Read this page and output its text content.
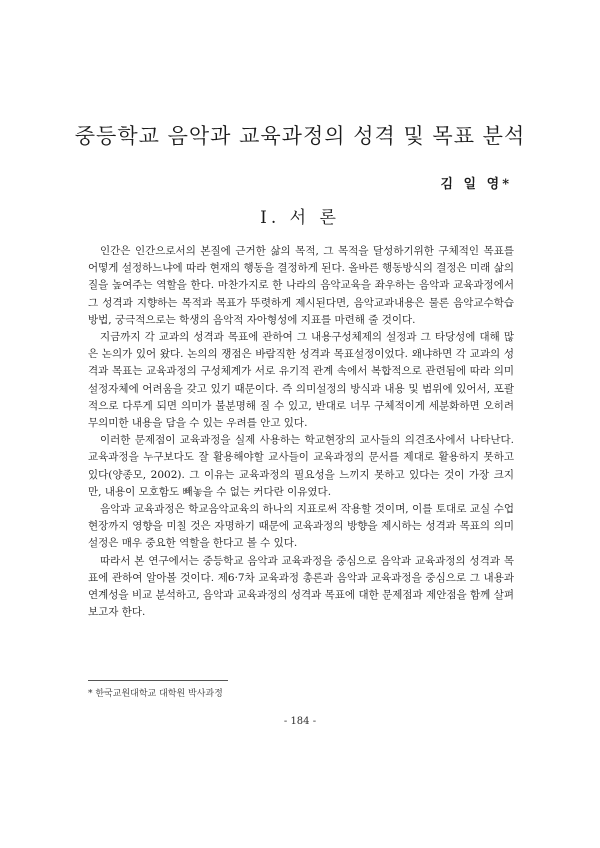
중등학교 음악과 교육과정의 성격 및 목표 분석
김 일 영*
Ⅰ. 서 론

인간은 인간으로서의 본질에 근거한 삶의 목적, 그 목적을 달성하기위한 구체적인 목표를 어떻게 설정하느냐에 따라 현재의 행동을 결정하게 된다. 올바른 행동방식의 결정은 미래 삶의 질을 높여주는 역할을 한다. 마찬가지로 한 나라의 음악교육을 좌우하는 음악과 교육과정에서 그 성격과 지향하는 목적과 목표가 뚜렷하게 제시된다면, 음악교과내용은 물론 음악교수학습방법, 궁극적으로는 학생의 음악적 자아형성에 지표를 마련해 줄 것이다.

지금까지 각 교과의 성격과 목표에 관하여 그 내용구성체제의 설정과 그 타당성에 대해 많은 논의가 있어 왔다. 논의의 쟁점은 바람직한 성격과 목표설정이었다. 왜냐하면 각 교과의 성격과 목표는 교육과정의 구성체계가 서로 유기적 관계 속에서 복합적으로 관련됨에 따라 의미설정자체에 어려움을 갖고 있기 때문이다. 즉 의미설정의 방식과 내용 및 범위에 있어서, 포괄적으로 다루게 되면 의미가 불분명해 질 수 있고, 반대로 너무 구체적이게 세분화하면 오히려 무의미한 내용을 담을 수 있는 우려를 안고 있다.

이러한 문제점이 교육과정을 실제 사용하는 학교현장의 교사들의 의견조사에서 나타난다. 교육과정을 누구보다도 잘 활용해야할 교사들이 교육과정의 문서를 제대로 활용하지 못하고 있다(양종모, 2002). 그 이유는 교육과정의 필요성을 느끼지 못하고 있다는 것이 가장 크지만, 내용이 모호함도 빼놓을 수 없는 커다란 이유였다.

음악과 교육과정은 학교음악교육의 하나의 지표로써 작용할 것이며, 이를 토대로 교실 수업현장까지 영향을 미칠 것은 자명하기 때문에 교육과정의 방향을 제시하는 성격과 목표의 의미설정은 매우 중요한 역할을 한다고 볼 수 있다.

따라서 본 연구에서는 중등학교 음악과 교육과정을 중심으로 음악과 교육과정의 성격과 목표에 관하여 알아볼 것이다. 제6·7차 교육과정 총론과 음악과 교육과정을 중심으로 그 내용과 연계성을 비교 분석하고, 음악과 교육과정의 성격과 목표에 대한 문제점과 제안점을 함께 살펴보고자 한다.

* 한국교원대학교 대학원 박사과정
- 184 -
